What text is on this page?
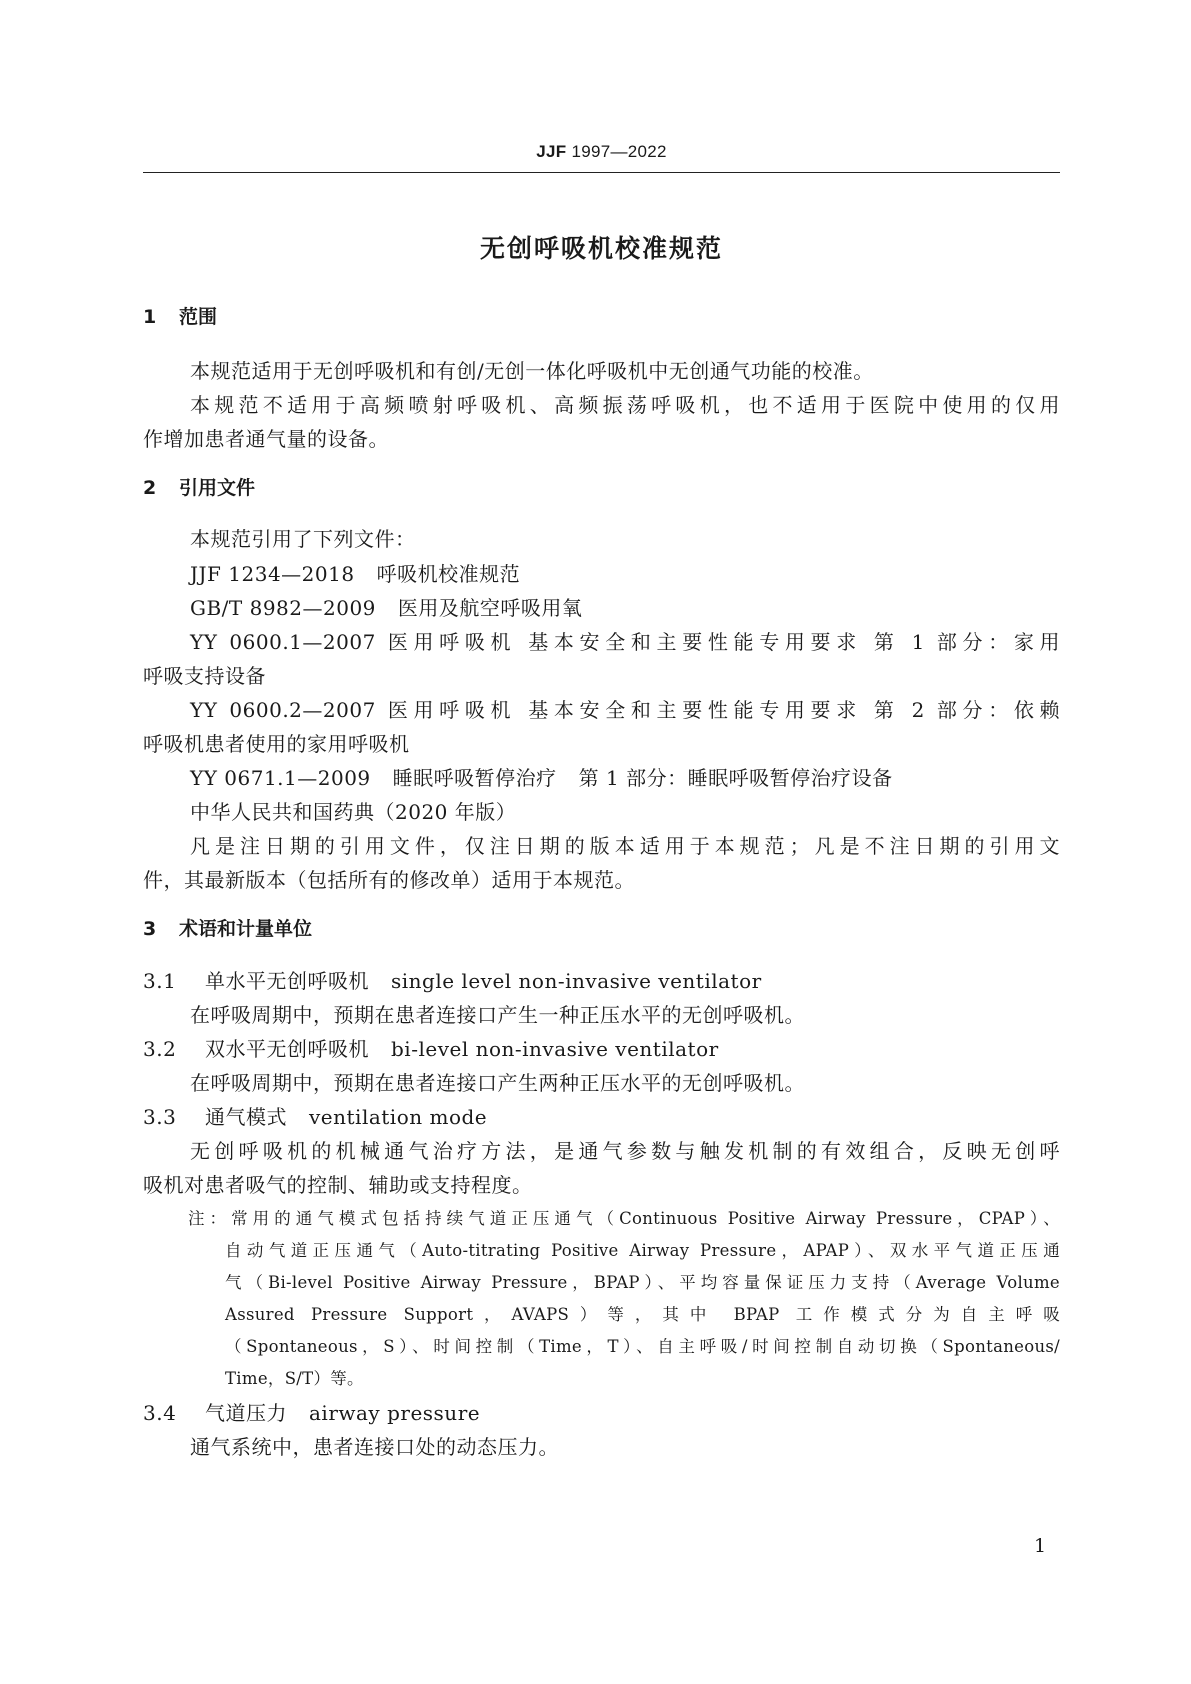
JJF 1997—2022
无创呼吸机校准规范
1 范围
本规范适用于无创呼吸机和有创/无创一体化呼吸机中无创通气功能的校准。
本规范不适用于高频喷射呼吸机、高频振荡呼吸机，也不适用于医院中使用的仅用
作增加患者通气量的设备。
2 引用文件
本规范引用了下列文件：
JJF 1234—2018 呼吸机校准规范
GB/T 8982—2009 医用及航空呼吸用氧
YY 0600.1—2007 医用呼吸机 基本安全和主要性能专用要求 第 1 部分：家用
呼吸支持设备
YY 0600.2—2007 医用呼吸机 基本安全和主要性能专用要求 第 2 部分：依赖
呼吸机患者使用的家用呼吸机
YY 0671.1—2009 睡眠呼吸暂停治疗 第 1 部分：睡眠呼吸暂停治疗设备
中华人民共和国药典（2020 年版）
凡是注日期的引用文件，仅注日期的版本适用于本规范；凡是不注日期的引用文
件，其最新版本（包括所有的修改单）适用于本规范。
3 术语和计量单位
3.1 单水平无创呼吸机 single level non-invasive ventilator
在呼吸周期中，预期在患者连接口产生一种正压水平的无创呼吸机。
3.2 双水平无创呼吸机 bi-level non-invasive ventilator
在呼吸周期中，预期在患者连接口产生两种正压水平的无创呼吸机。
3.3 通气模式 ventilation mode
无创呼吸机的机械通气治疗方法，是通气参数与触发机制的有效组合，反映无创呼
吸机对患者吸气的控制、辅助或支持程度。
注：常用的通气模式包括持续气道正压通气（Continuous Positive Airway Pressure，CPAP）、
自动气道正压通气（Auto-titrating Positive Airway Pressure，APAP）、双水平气道正压通
气（Bi-level Positive Airway Pressure，BPAP）、平均容量保证压力支持（Average Volume
Assured Pressure Support，AVAPS）等，其中 BPAP 工作模式分为自主呼吸
（Spontaneous，S）、时间控制（Time，T）、自主呼吸/时间控制自动切换（Spontaneous/
Time，S/T）等。
3.4 气道压力 airway pressure
通气系统中，患者连接口处的动态压力。
1
